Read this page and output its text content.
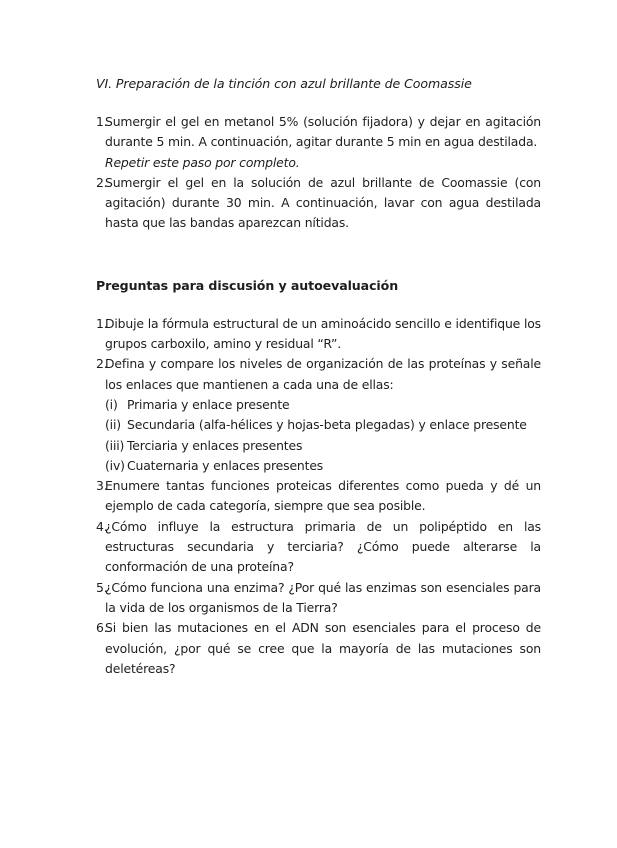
VI. Preparación de la tinción con azul brillante de Coomassie
1.
Sumergir el gel en metanol 5% (solución fijadora) y dejar en agitación durante 5 min. A continuación, agitar durante 5 min en agua destilada.
Repetir este paso por completo.
2.
Sumergir el gel en la solución de azul brillante de Coomassie (con agitación) durante 30 min. A continuación, lavar con agua destilada hasta que las bandas aparezcan nítidas.
Preguntas para discusión y autoevaluación
1.
Dibuje la fórmula estructural de un aminoácido sencillo e identifique los grupos carboxilo, amino y residual “R”.
2.
Defina y compare los niveles de organización de las proteínas y señale los enlaces que mantienen a cada una de ellas:
(i) Primaria y enlace presente
(ii) Secundaria (alfa-hélices y hojas-beta plegadas) y enlace presente
(iii) Terciaria y enlaces presentes
(iv) Cuaternaria y enlaces presentes
3.
Enumere tantas funciones proteicas diferentes como pueda y dé un ejemplo de cada categoría, siempre que sea posible.
4.
¿Cómo influye la estructura primaria de un polipéptido en las estructuras secundaria y terciaria? ¿Cómo puede alterarse la conformación de una proteína?
5.
¿Cómo funciona una enzima? ¿Por qué las enzimas son esenciales para la vida de los organismos de la Tierra?
6.
Si bien las mutaciones en el ADN son esenciales para el proceso de evolución, ¿por qué se cree que la mayoría de las mutaciones son deletéreas?
